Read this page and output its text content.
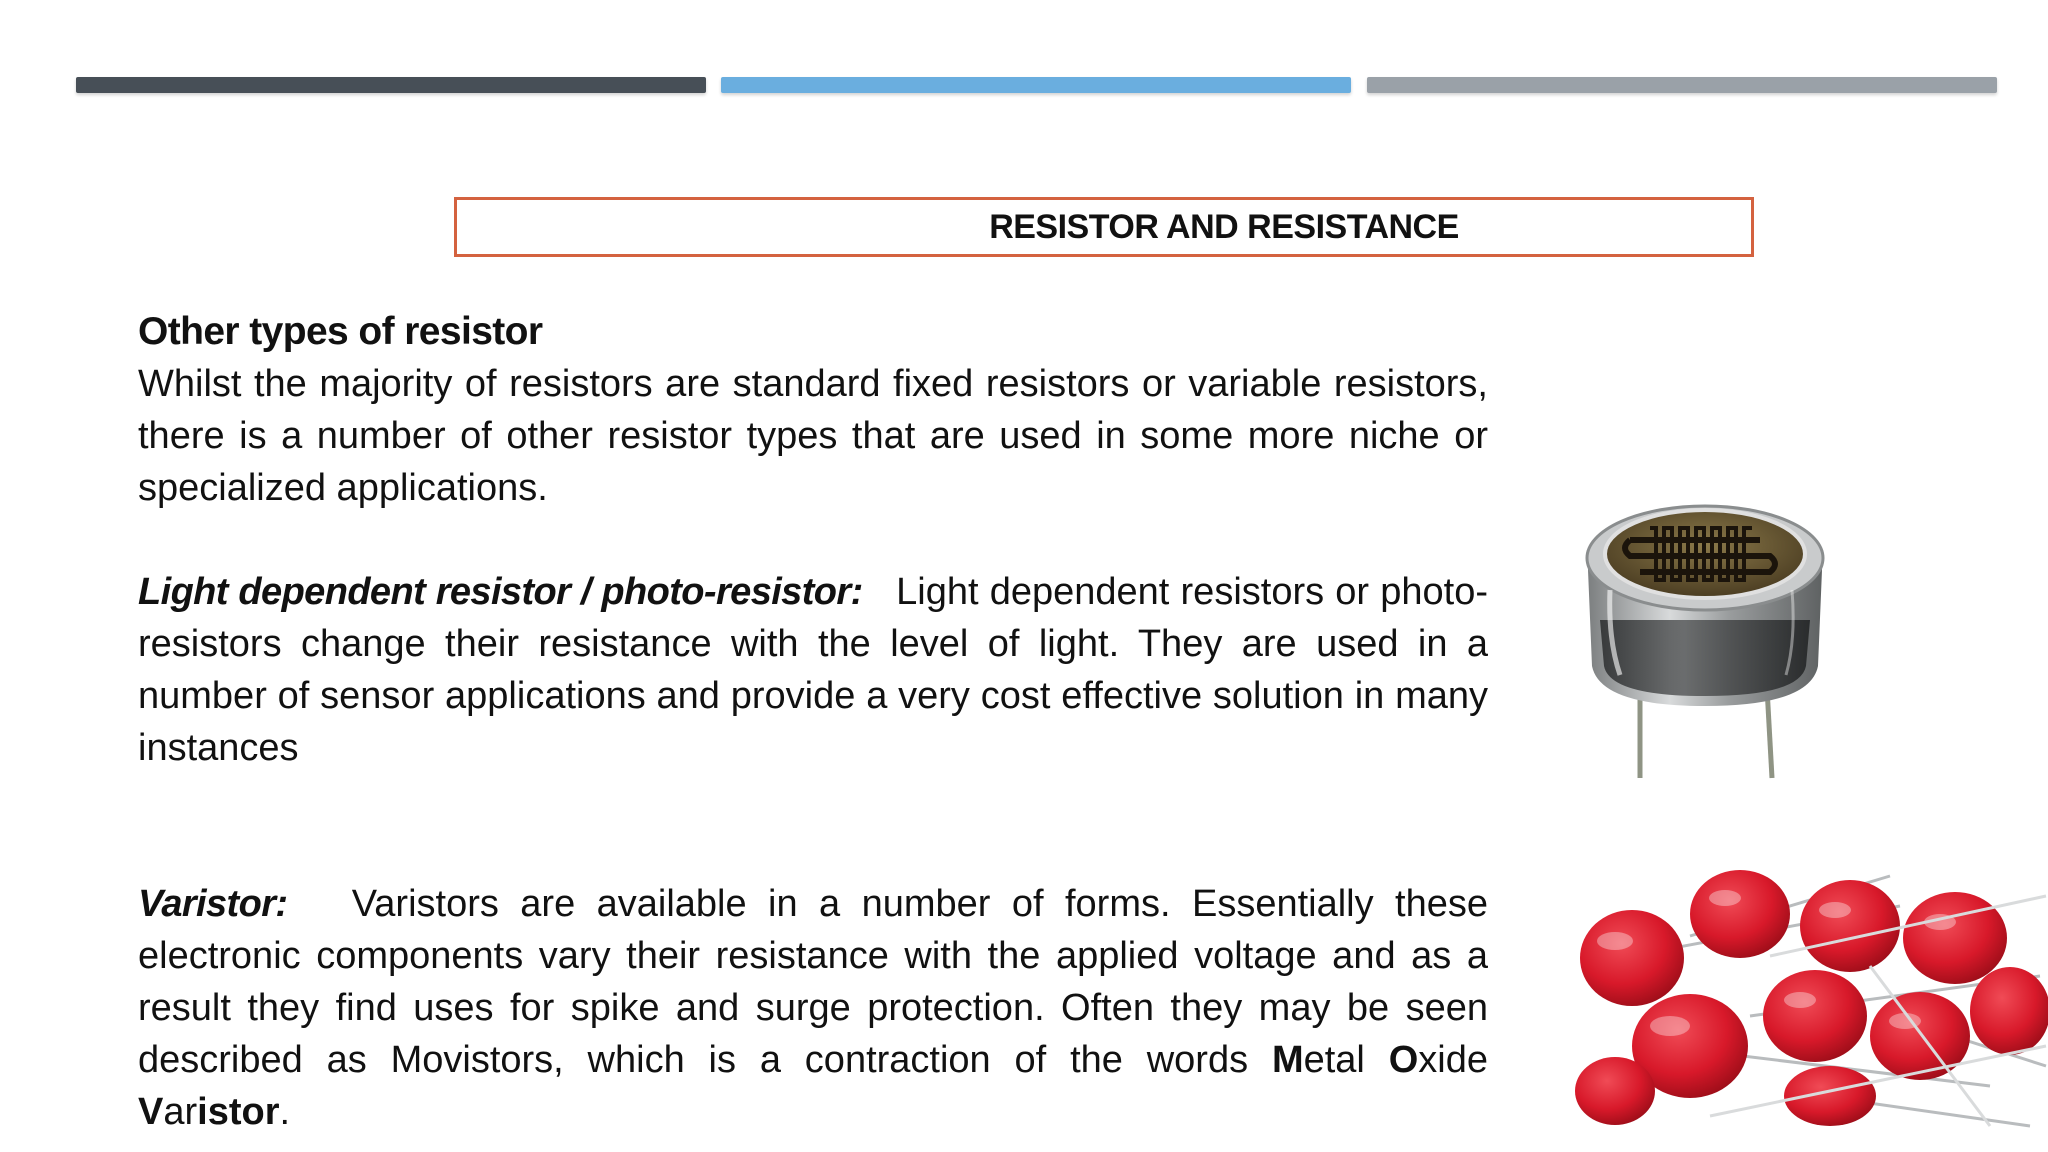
RESISTOR AND RESISTANCE

Other types of resistor

Whilst the majority of resistors are standard fixed resistors or variable resistors, there is a number of other resistor types that are used in some more niche or specialized applications.

Light dependent resistor / photo-resistor: Light dependent resistors or photo-resistors change their resistance with the level of light. They are used in a number of sensor applications and provide a very cost effective solution in many instances

Varistor: Varistors are available in a number of forms. Essentially these electronic components vary their resistance with the applied voltage and as a result they find uses for spike and surge protection. Often they may be seen described as Movistors, which is a contraction of the words Metal Oxide Varistor.
